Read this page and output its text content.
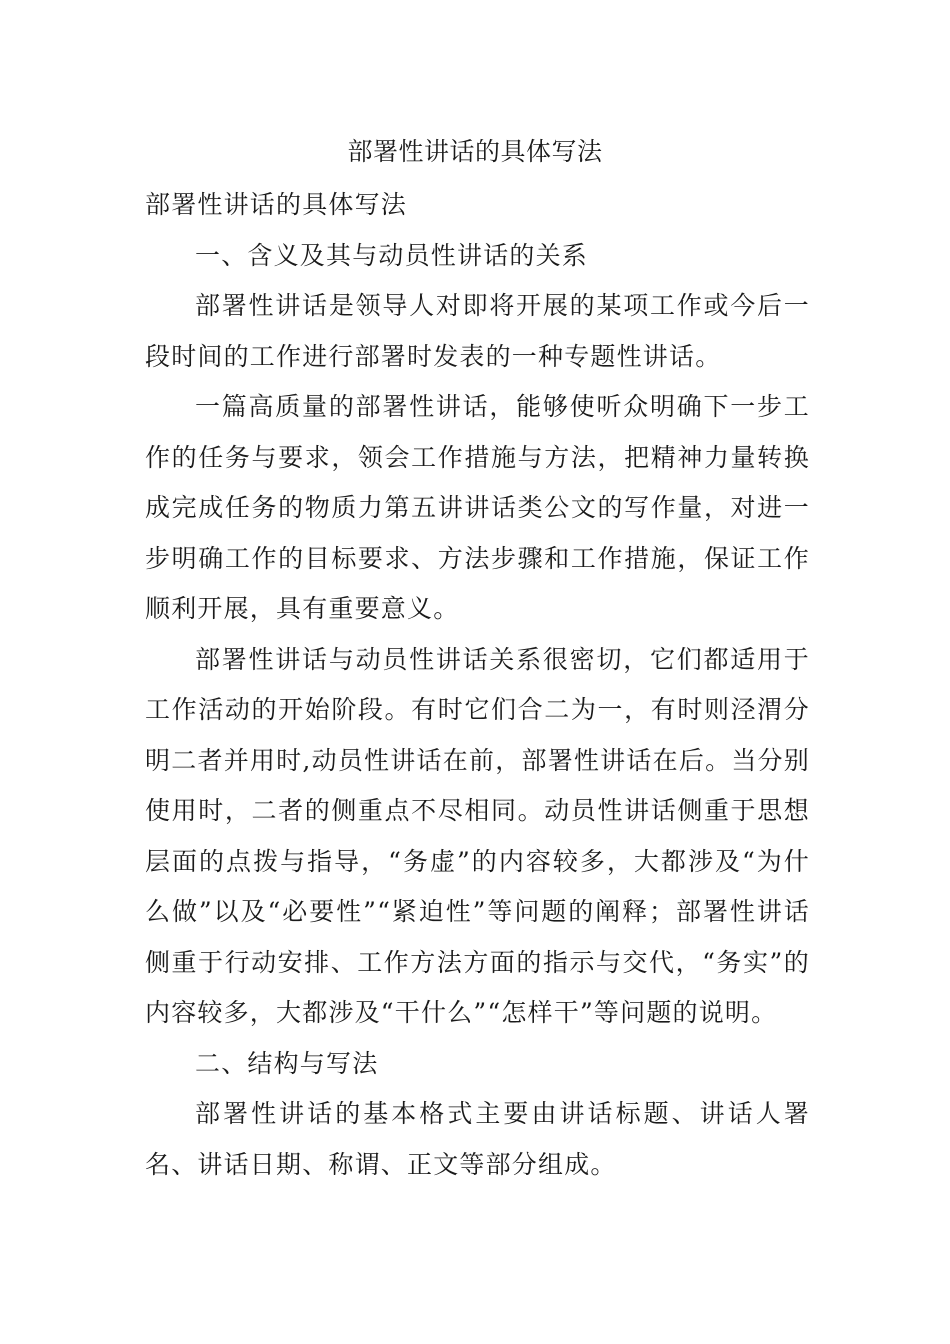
部署性讲话的具体写法

部署性讲话的具体写法

一、含义及其与动员性讲话的关系

部署性讲话是领导人对即将开展的某项工作或今后一段时间的工作进行部署时发表的一种专题性讲话。

一篇高质量的部署性讲话，能够使听众明确下一步工作的任务与要求，领会工作措施与方法，把精神力量转换成完成任务的物质力第五讲讲话类公文的写作量，对进一步明确工作的目标要求、方法步骤和工作措施，保证工作顺利开展，具有重要意义。

部署性讲话与动员性讲话关系很密切，它们都适用于工作活动的开始阶段。有时它们合二为一，有时则泾渭分明二者并用时,动员性讲话在前，部署性讲话在后。当分别使用时，二者的侧重点不尽相同。动员性讲话侧重于思想层面的点拨与指导，“务虚”的内容较多，大都涉及“为什么做”以及“必要性”“紧迫性”等问题的阐释；部署性讲话侧重于行动安排、工作方法方面的指示与交代，“务实”的内容较多，大都涉及“干什么”“怎样干”等问题的说明。

二、结构与写法

部署性讲话的基本格式主要由讲话标题、讲话人署名、讲话日期、称谓、正文等部分组成。
